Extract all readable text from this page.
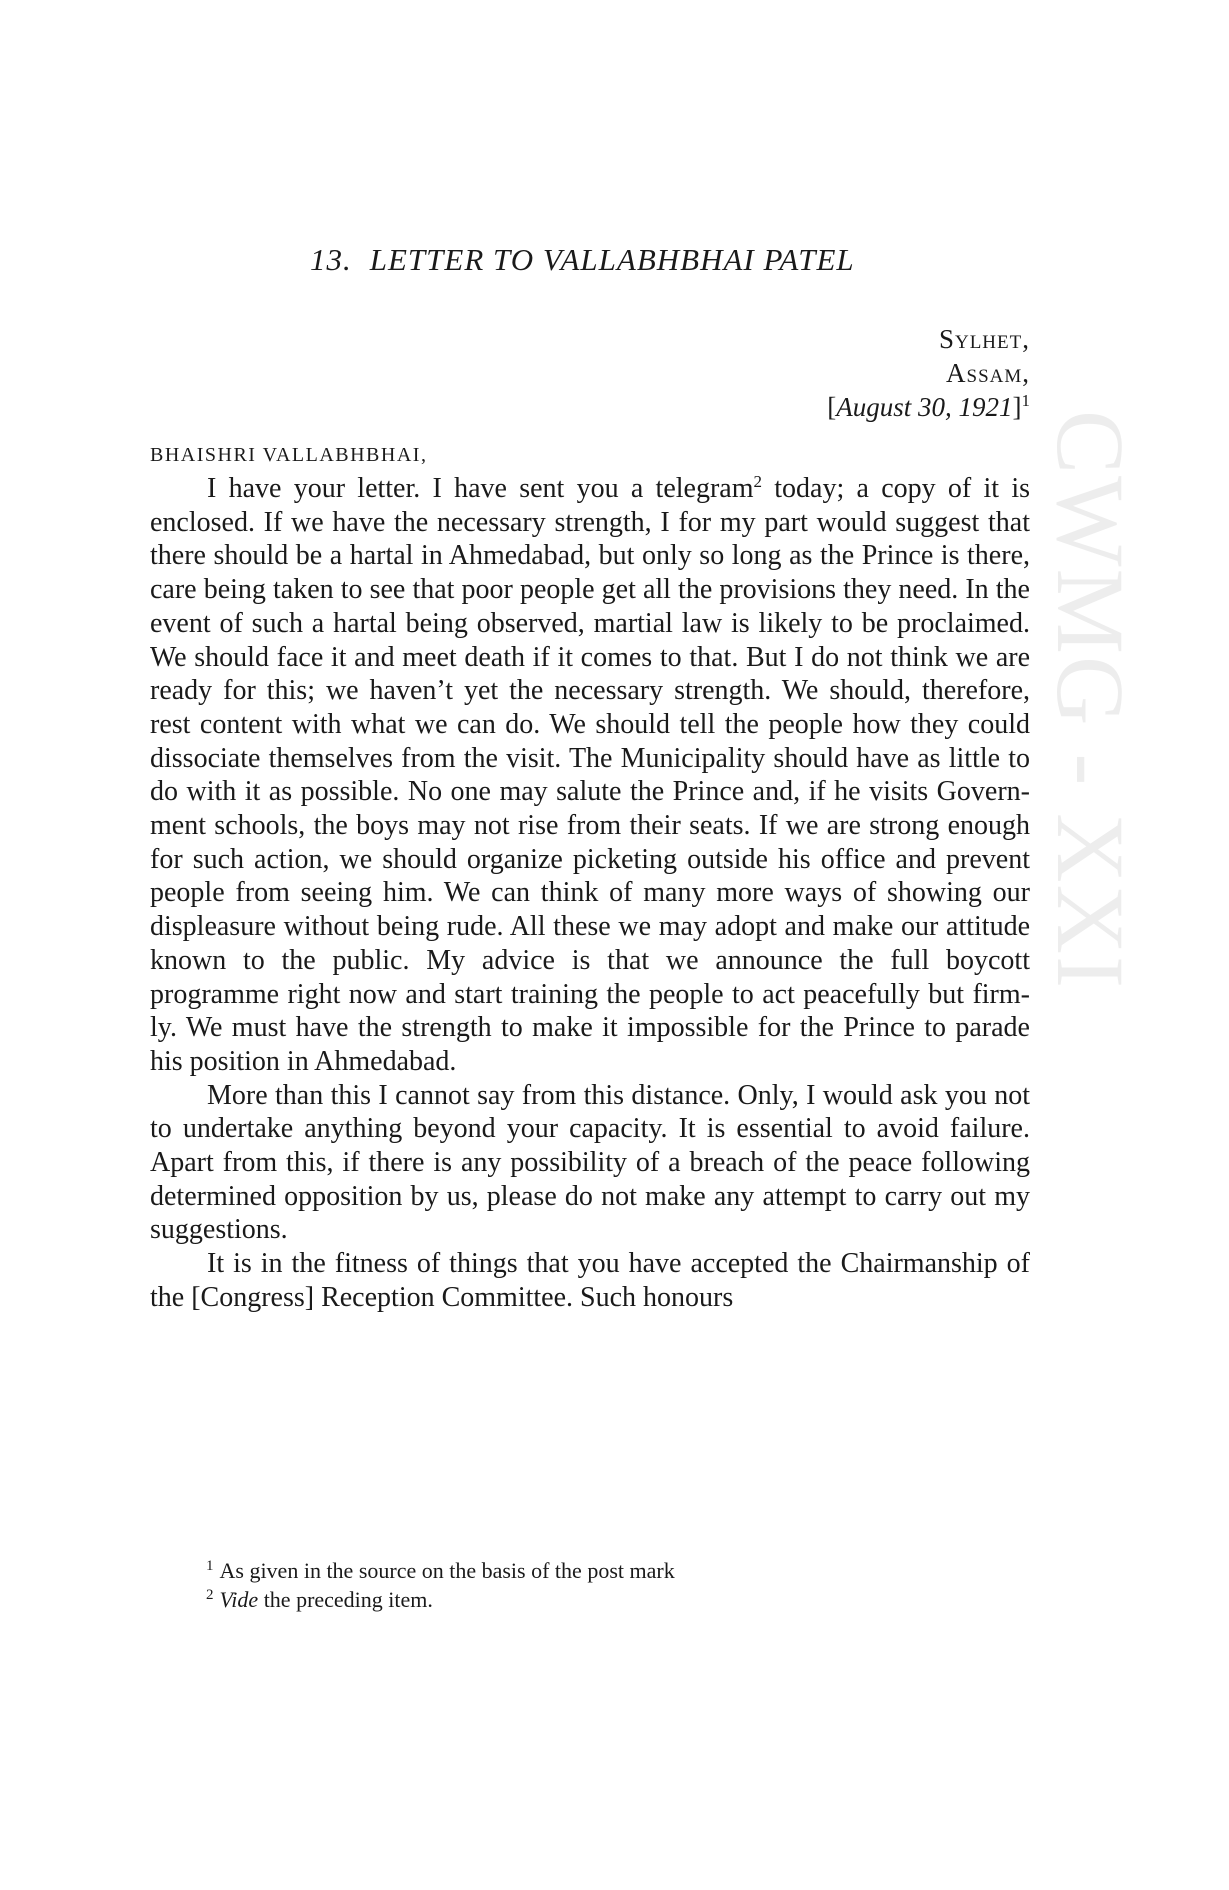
CWMG - XXI
13. LETTER TO VALLABHBHAI PATEL
Sylhet,
Assam,
[August 30, 1921]$^1$
BHAISHRI VALLABHBHAI,

I have your letter. I have sent you a telegram$^2$ today; a copy of it is enclosed. If we have the necessary strength, I for my part would suggest that there should be a hartal in Ahmedabad, but only so long as the Prince is there, care being taken to see that poor people get all the provisions they need. In the event of such a hartal being observed, martial law is likely to be proclaimed. We should face it and meet death if it comes to that. But I do not think we are ready for this; we haven’t yet the necessary strength. We should, therefore, rest content with what we can do. We should tell the people how they could dissociate themselves from the visit. The Municipality should have as little to do with it as possible. No one may salute the Prince and, if he visits Government schools, the boys may not rise from their seats. If we are strong enough for such action, we should organize picketing outside his office and prevent people from seeing him. We can think of many more ways of showing our displeasure without being rude. All these we may adopt and make our attitude known to the public. My advice is that we announce the full boycott programme right now and start training the people to act peacefully but firmly. We must have the strength to make it impossible for the Prince to parade his position in Ahmedabad.

More than this I cannot say from this distance. Only, I would ask you not to undertake anything beyond your capacity. It is essential to avoid failure. Apart from this, if there is any possibility of a breach of the peace following determined opposition by us, please do not make any attempt to carry out my suggestions.

It is in the fitness of things that you have accepted the Chairmanship of the [Congress] Reception Committee. Such honours

$^1$ As given in the source on the basis of the post mark
$^2$ Vide the preceding item.
